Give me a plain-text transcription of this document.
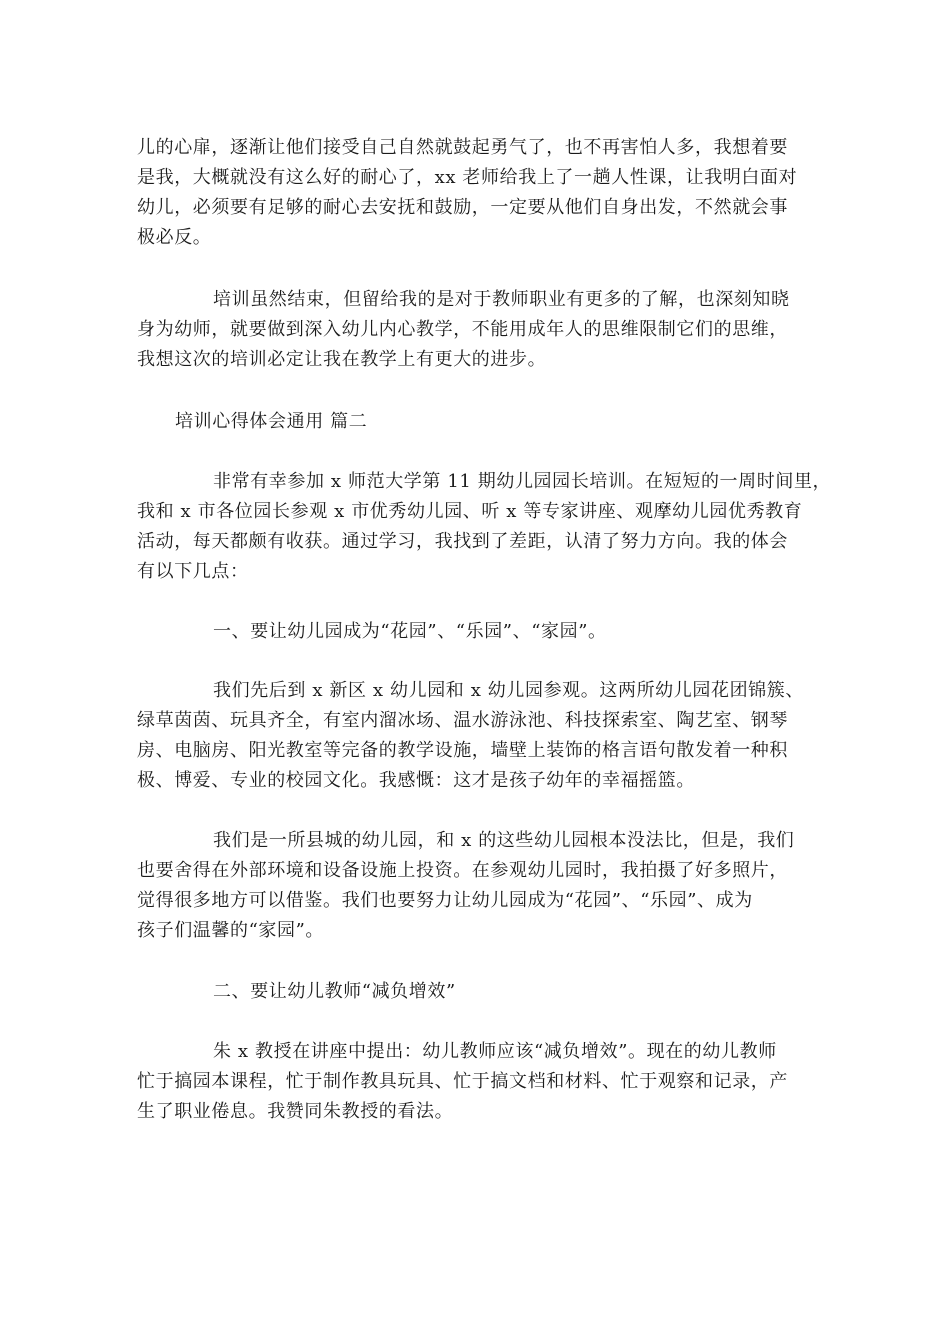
儿的心扉，逐渐让他们接受自己自然就鼓起勇气了，也不再害怕人多，我想着要
是我，大概就没有这么好的耐心了，xx 老师给我上了一趟人性课，让我明白面对
幼儿，必须要有足够的耐心去安抚和鼓励，一定要从他们自身出发，不然就会事
极必反。

培训虽然结束，但留给我的是对于教师职业有更多的了解，也深刻知晓
身为幼师，就要做到深入幼儿内心教学，不能用成年人的思维限制它们的思维，
我想这次的培训必定让我在教学上有更大的进步。

培训心得体会通用 篇二

非常有幸参加 x 师范大学第 11 期幼儿园园长培训。在短短的一周时间里，
我和 x 市各位园长参观 x 市优秀幼儿园、听 x 等专家讲座、观摩幼儿园优秀教育
活动，每天都颇有收获。通过学习，我找到了差距，认清了努力方向。我的体会
有以下几点：

一、要让幼儿园成为“花园”、“乐园”、“家园”。

我们先后到 x 新区 x 幼儿园和 x 幼儿园参观。这两所幼儿园花团锦簇、
绿草茵茵、玩具齐全，有室内溜冰场、温水游泳池、科技探索室、陶艺室、钢琴
房、电脑房、阳光教室等完备的教学设施，墙壁上装饰的格言语句散发着一种积
极、博爱、专业的校园文化。我感慨：这才是孩子幼年的幸福摇篮。

我们是一所县城的幼儿园，和 x 的这些幼儿园根本没法比，但是，我们
也要舍得在外部环境和设备设施上投资。在参观幼儿园时，我拍摄了好多照片，
觉得很多地方可以借鉴。我们也要努力让幼儿园成为“花园”、“乐园”、成为
孩子们温馨的“家园”。

二、要让幼儿教师“减负增效”

朱 x 教授在讲座中提出：幼儿教师应该“减负增效”。现在的幼儿教师
忙于搞园本课程，忙于制作教具玩具、忙于搞文档和材料、忙于观察和记录，产
生了职业倦息。我赞同朱教授的看法。
